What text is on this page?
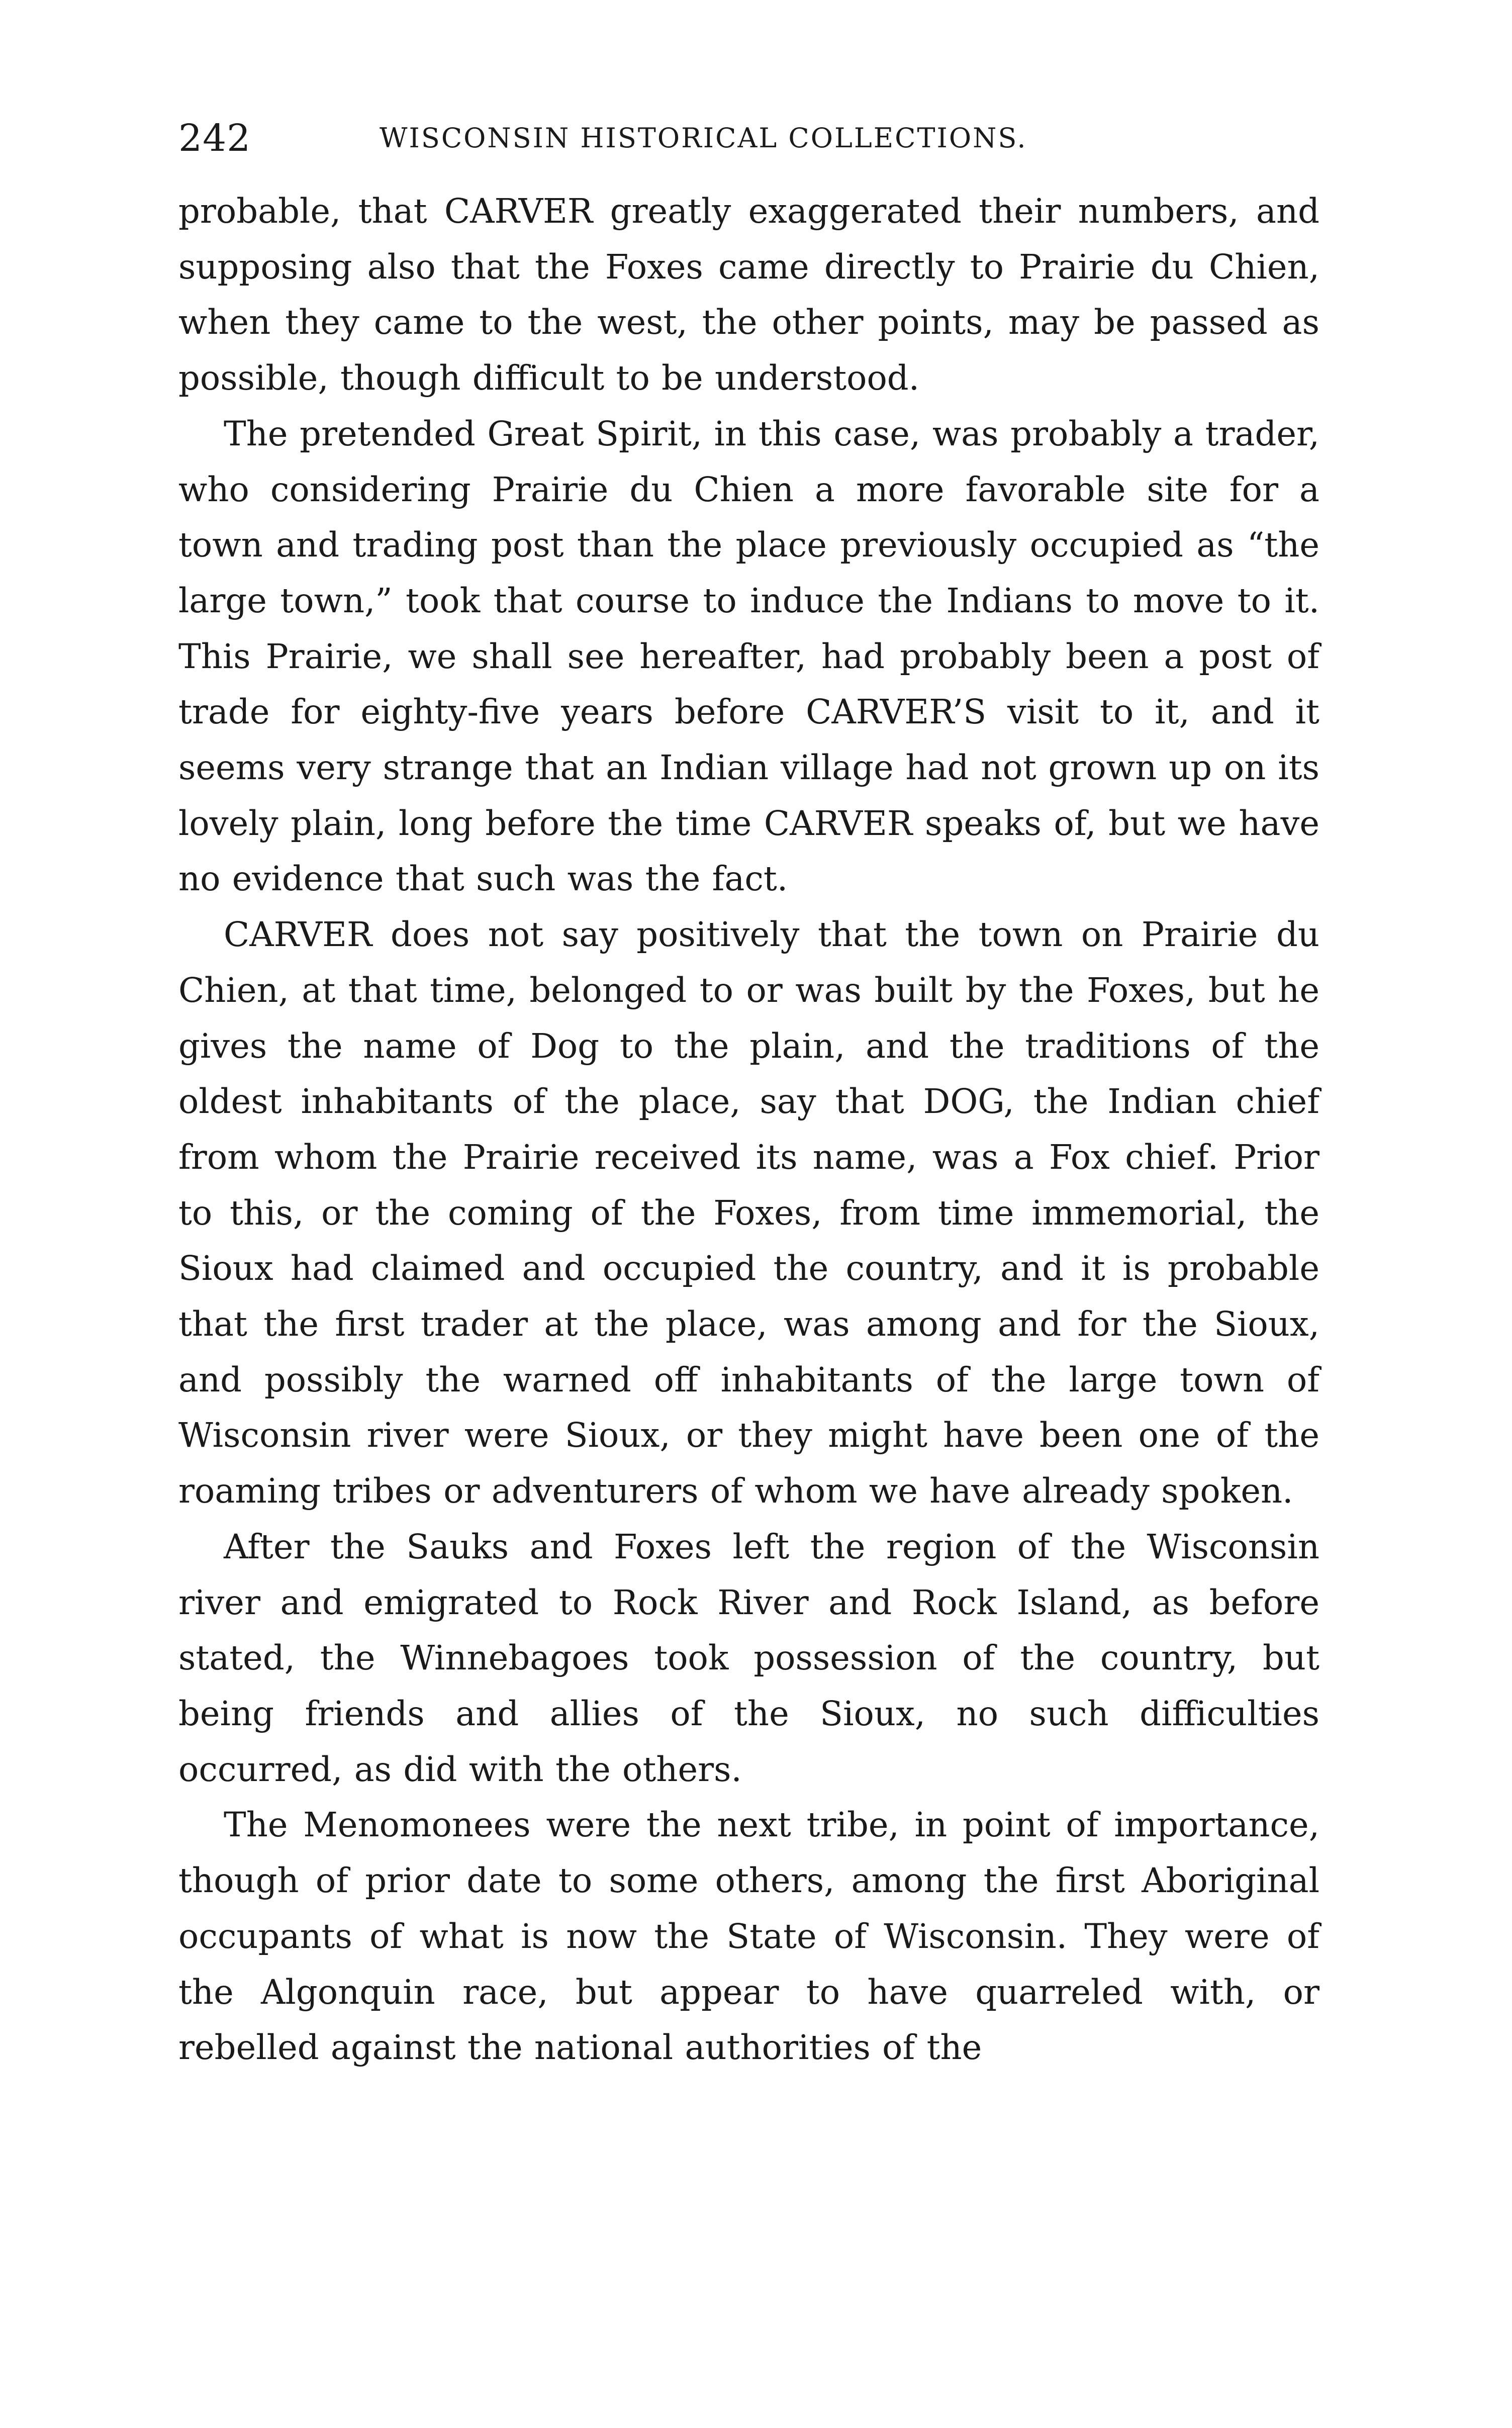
242	WISCONSIN HISTORICAL COLLECTIONS.

probable, that CARVER greatly exaggerated their numbers, and supposing also that the Foxes came directly to Prairie du Chien, when they came to the west, the other points, may be passed as possible, though difficult to be understood.

The pretended Great Spirit, in this case, was probably a trader, who considering Prairie du Chien a more favorable site for a town and trading post than the place previously occupied as “the large town,” took that course to induce the Indians to move to it. This Prairie, we shall see hereafter, had probably been a post of trade for eighty-five years before CARVER’S visit to it, and it seems very strange that an Indian village had not grown up on its lovely plain, long before the time CARVER speaks of, but we have no evidence that such was the fact.

CARVER does not say positively that the town on Prairie du Chien, at that time, belonged to or was built by the Foxes, but he gives the name of Dog to the plain, and the traditions of the oldest inhabitants of the place, say that DOG, the Indian chief from whom the Prairie received its name, was a Fox chief. Prior to this, or the coming of the Foxes, from time immemorial, the Sioux had claimed and occupied the country, and it is probable that the first trader at the place, was among and for the Sioux, and possibly the warned off inhabitants of the large town of Wisconsin river were Sioux, or they might have been one of the roaming tribes or adventurers of whom we have already spoken.

After the Sauks and Foxes left the region of the Wisconsin river and emigrated to Rock River and Rock Island, as before stated, the Winnebagoes took possession of the country, but being friends and allies of the Sioux, no such difficulties occurred, as did with the others.

The Menomonees were the next tribe, in point of importance, though of prior date to some others, among the first Aboriginal occupants of what is now the State of Wisconsin. They were of the Algonquin race, but appear to have quarreled with, or rebelled against the national authorities of the
